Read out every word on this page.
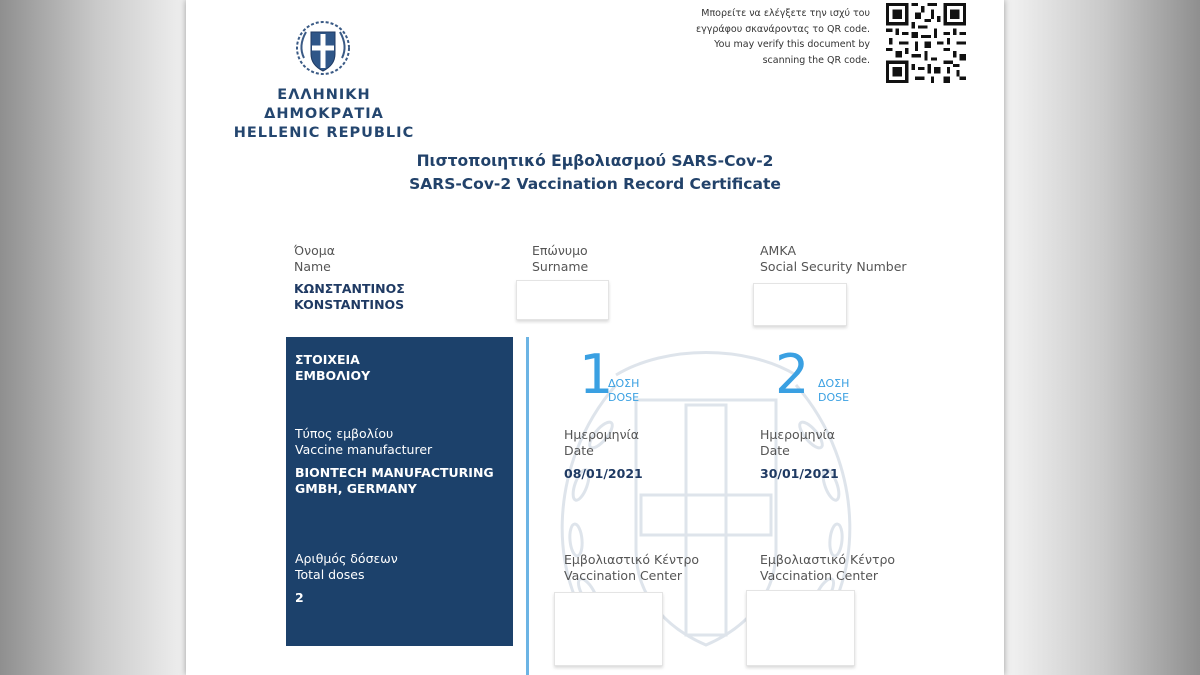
ΕΛΛΗΝΙΚΗ ΔΗΜΟΚΡΑΤΙΑ
HELLENIC REPUBLIC
Μπορείτε να ελέγξετε την ισχύ του
εγγράφου σκανάροντας το QR code.
You may verify this document by
scanning the QR code.
Πιστοποιητικό Εμβολιασμού SARS-Cov-2
SARS-Cov-2 Vaccination Record Certificate
Όνομα
Name
ΚΩΝΣΤΑΝΤΙΝΟΣ
KONSTANTINOS
Επώνυμο
Surname
ΑΜΚΑ
Social Security Number
ΣΤΟΙΧΕΙΑ
ΕΜΒΟΛΙΟΥ
Τύπος εμβολίου
Vaccine manufacturer
BIONTECH MANUFACTURING
GMBH, GERMANY
Αριθμός δόσεων
Total doses
2
1
ΔΟΣΗ
DOSE
Ημερομηνία
Date
08/01/2021
Εμβολιαστικό Κέντρο
Vaccination Center
2 ΔΟΣΗ
DOSE
Ημερομηνία
Date
30/01/2021
Εμβολιαστικό Κέντρο
Vaccination Center
